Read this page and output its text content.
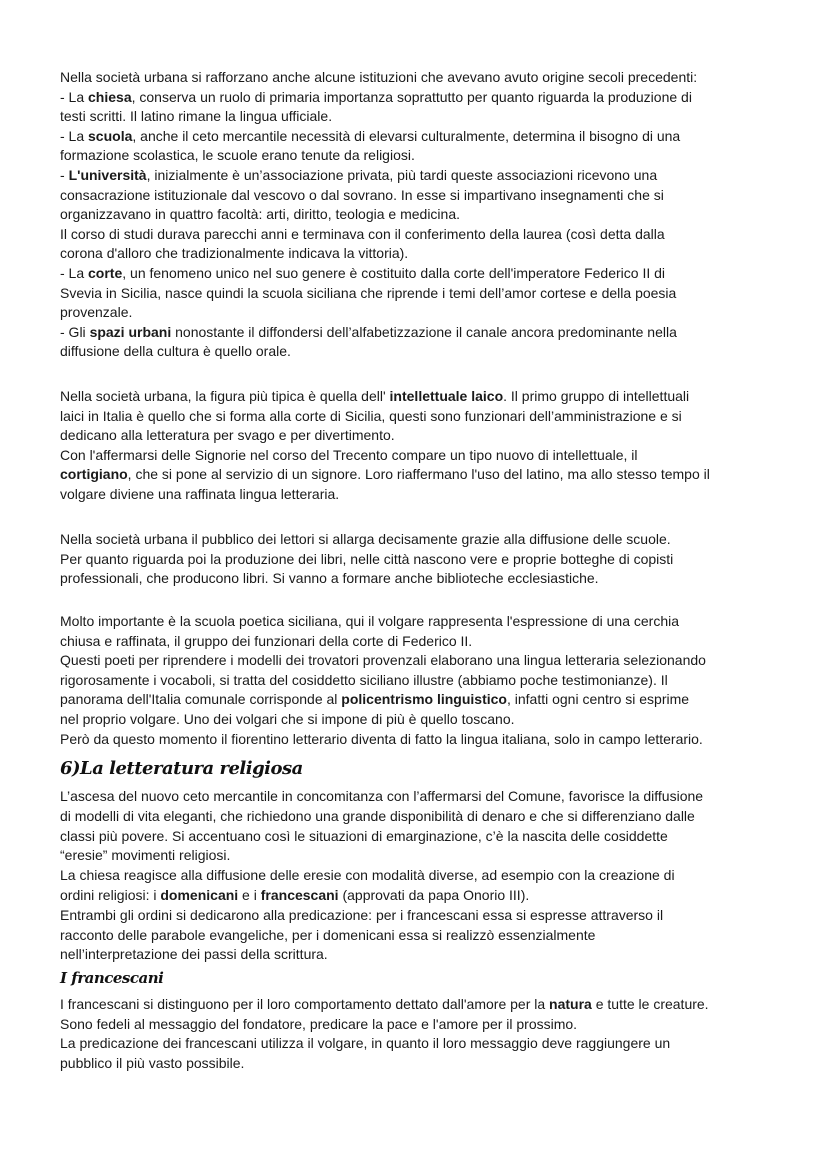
Nella società urbana si rafforzano anche alcune istituzioni che avevano avuto origine secoli precedenti:
- La chiesa, conserva un ruolo di primaria importanza soprattutto per quanto riguarda la produzione di
testi scritti. Il latino rimane la lingua ufficiale.
- La scuola, anche il ceto mercantile necessità di elevarsi culturalmente, determina il bisogno di una
formazione scolastica, le scuole erano tenute da religiosi.
- L'università, inizialmente è un’associazione privata, più tardi queste associazioni ricevono una
consacrazione istituzionale dal vescovo o dal sovrano. In esse si impartivano insegnamenti che si
organizzavano in quattro facoltà: arti, diritto, teologia e medicina.
Il corso di studi durava parecchi anni e terminava con il conferimento della laurea (così detta dalla
corona d'alloro che tradizionalmente indicava la vittoria).
- La corte, un fenomeno unico nel suo genere è costituito dalla corte dell'imperatore Federico II di
Svevia in Sicilia, nasce quindi la scuola siciliana che riprende i temi dell’amor cortese e della poesia
provenzale.
- Gli spazi urbani nonostante il diffondersi dell’alfabetizzazione il canale ancora predominante nella
diffusione della cultura è quello orale.
Nella società urbana, la figura più tipica è quella dell' intellettuale laico. Il primo gruppo di intellettuali
laici in Italia è quello che si forma alla corte di Sicilia, questi sono funzionari dell’amministrazione e si
dedicano alla letteratura per svago e per divertimento.
Con l'affermarsi delle Signorie nel corso del Trecento compare un tipo nuovo di intellettuale, il
cortigiano, che si pone al servizio di un signore. Loro riaffermano l'uso del latino, ma allo stesso tempo il
volgare diviene una raffinata lingua letteraria.
Nella società urbana il pubblico dei lettori si allarga decisamente grazie alla diffusione delle scuole.
Per quanto riguarda poi la produzione dei libri, nelle città nascono vere e proprie botteghe di copisti
professionali, che producono libri. Si vanno a formare anche biblioteche ecclesiastiche.
Molto importante è la scuola poetica siciliana, qui il volgare rappresenta l'espressione di una cerchia
chiusa e raffinata, il gruppo dei funzionari della corte di Federico II.
Questi poeti per riprendere i modelli dei trovatori provenzali elaborano una lingua letteraria selezionando
rigorosamente i vocaboli, si tratta del cosiddetto siciliano illustre (abbiamo poche testimonianze). Il
panorama dell'Italia comunale corrisponde al policentrismo linguistico, infatti ogni centro si esprime
nel proprio volgare. Uno dei volgari che si impone di più è quello toscano.
Però da questo momento il fiorentino letterario diventa di fatto la lingua italiana, solo in campo letterario.
6)La letteratura religiosa
L’ascesa del nuovo ceto mercantile in concomitanza con l’affermarsi del Comune, favorisce la diffusione
di modelli di vita eleganti, che richiedono una grande disponibilità di denaro e che si differenziano dalle
classi più povere. Si accentuano così le situazioni di emarginazione, c’è la nascita delle cosiddette
“eresie” movimenti religiosi.
La chiesa reagisce alla diffusione delle eresie con modalità diverse, ad esempio con la creazione di
ordini religiosi: i domenicani e i francescani (approvati da papa Onorio III).
Entrambi gli ordini si dedicarono alla predicazione: per i francescani essa si espresse attraverso il
racconto delle parabole evangeliche, per i domenicani essa si realizzò essenzialmente
nell’interpretazione dei passi della scrittura.
I francescani
I francescani si distinguono per il loro comportamento dettato dall'amore per la natura e tutte le creature.
Sono fedeli al messaggio del fondatore, predicare la pace e l'amore per il prossimo.
La predicazione dei francescani utilizza il volgare, in quanto il loro messaggio deve raggiungere un
pubblico il più vasto possibile.
